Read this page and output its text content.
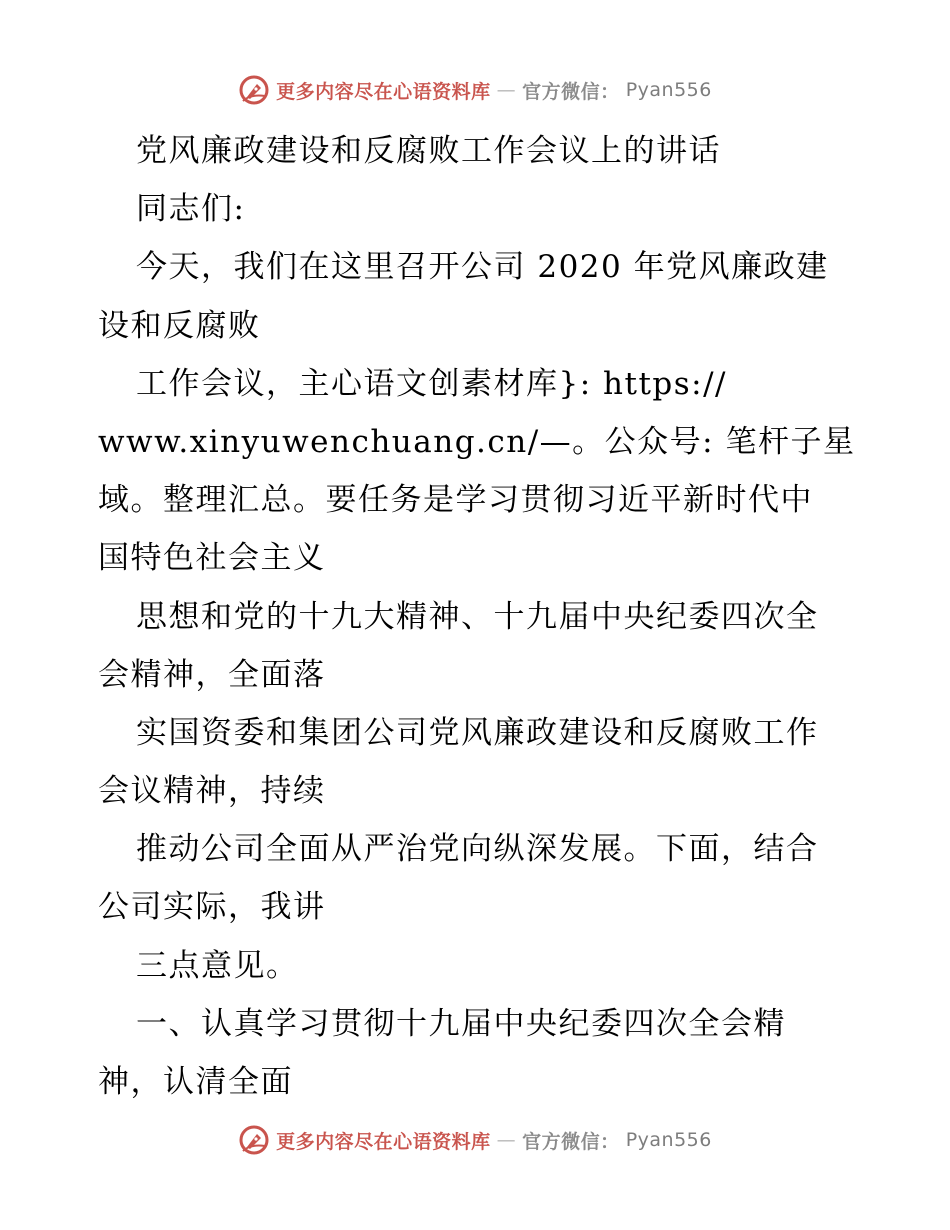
更多内容尽在心语资料库 — 官方微信： Pyan556
党风廉政建设和反腐败工作会议上的讲话
同志们:
今天，我们在这里召开公司 2020 年党风廉政建
设和反腐败
工作会议，主心语文创素材库}: https://
www.xinyuwenchuang.cn/—。公众号: 笔杆子星
域。整理汇总。要任务是学习贯彻习近平新时代中
国特色社会主义
思想和党的十九大精神、十九届中央纪委四次全
会精神，全面落
实国资委和集团公司党风廉政建设和反腐败工作
会议精神，持续
推动公司全面从严治党向纵深发展。下面，结合
公司实际，我讲
三点意见。
一、认真学习贯彻十九届中央纪委四次全会精
神，认清全面
更多内容尽在心语资料库 — 官方微信： Pyan556
